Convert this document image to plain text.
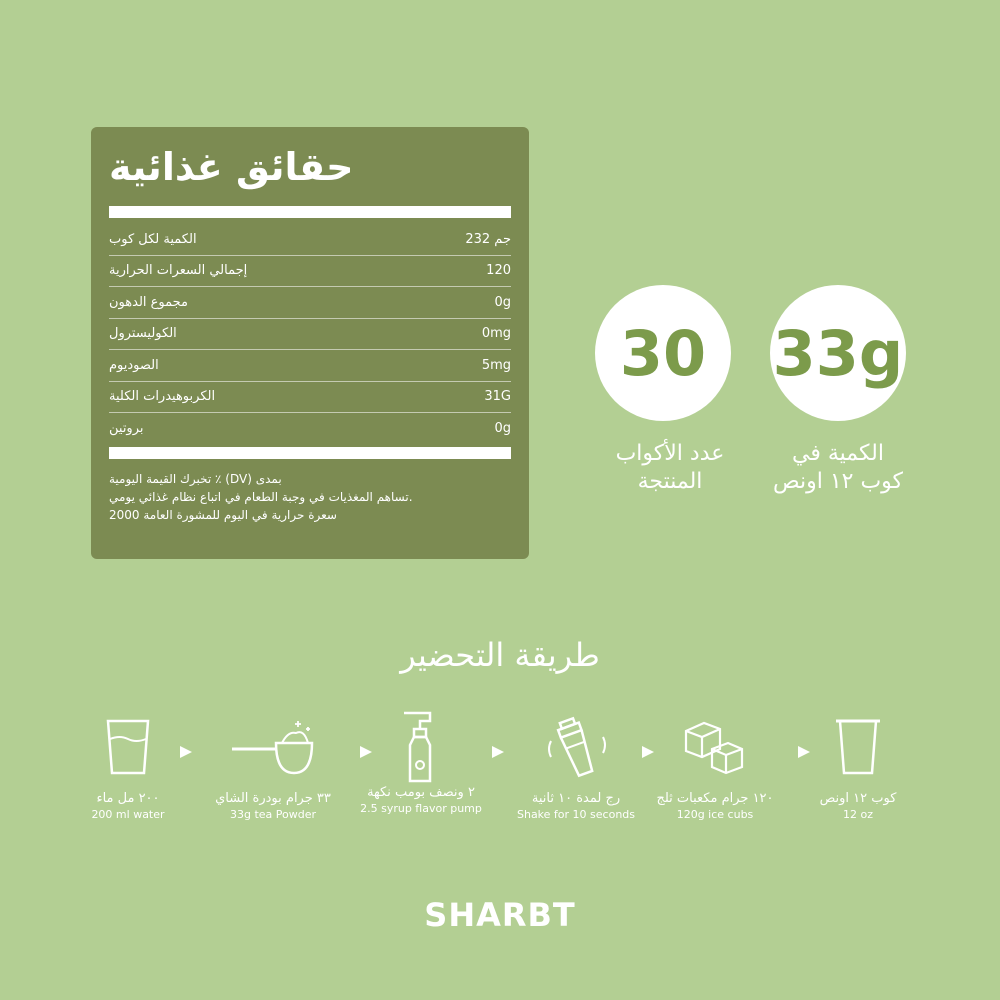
حقائق غذائية
الكمية لكل كوب	جم 232
إجمالي السعرات الحرارية	120
مجموع الدهون	0g
الكوليسترول	0mg
الصوديوم	5mg
الكربوهيدرات الكلية	31G
بروتين	0g
بمدى (DV) ٪ تخبرك القيمة اليومية
.تساهم المغذيات في وجبة الطعام في اتباع نظام غذائي يومي
سعرة حرارية في اليوم للمشورة العامة 2000
30
عدد الأكواب
المنتجة
33g
الكمية في
كوب ١٢ اونص
طريقة التحضير
٢٠٠ مل ماء
200 ml water
٣٣ جرام بودرة الشاي
33g tea Powder
٢ ونصف بومب نكهة
2.5 syrup flavor pump
رج لمدة ١٠ ثانية
Shake for 10 seconds
١٢٠ جرام مكعبات ثلج
120g ice cubs
كوب ١٢ اونص
12 oz
SHARBT
